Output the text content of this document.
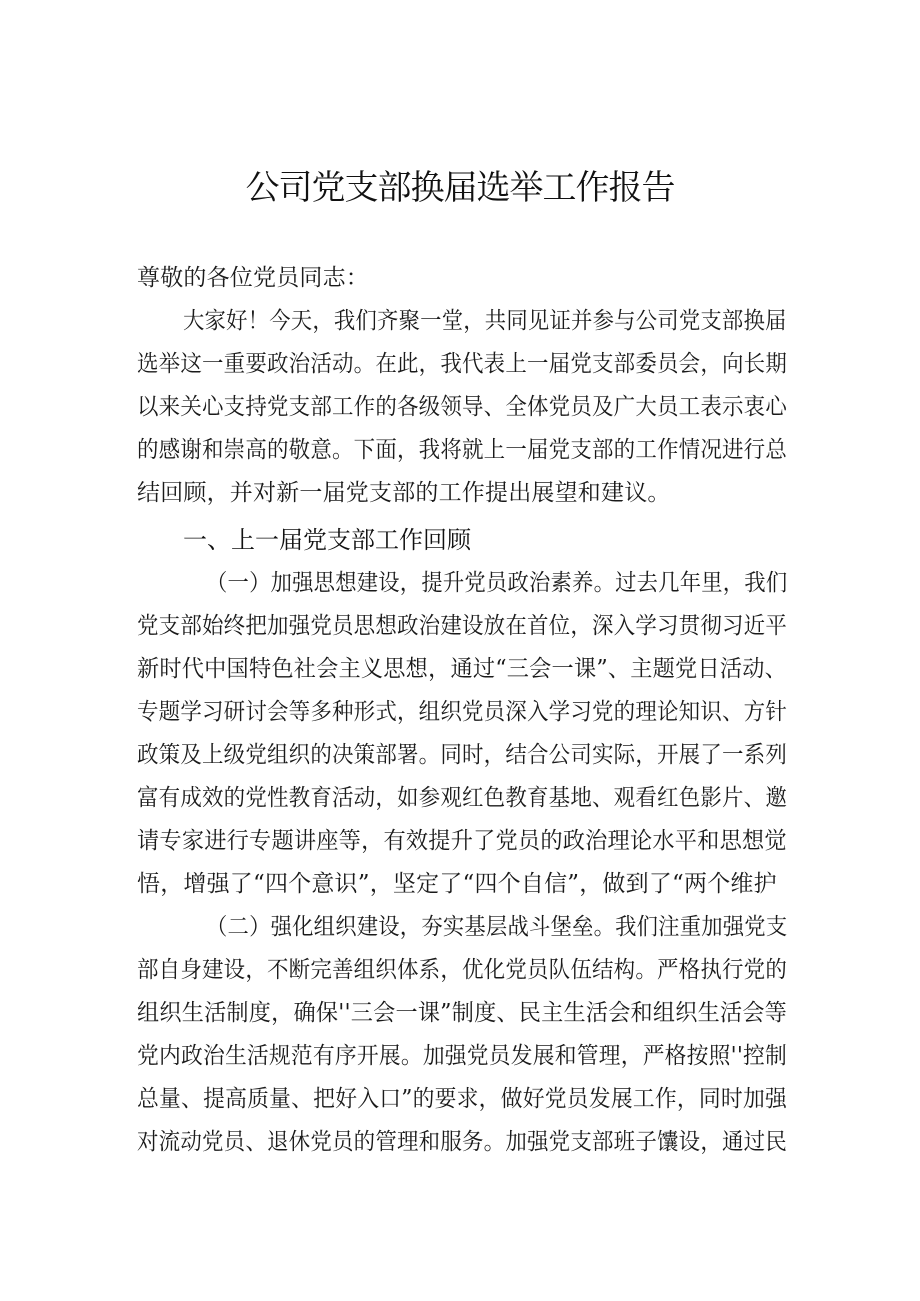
公司党支部换届选举工作报告
尊敬的各位党员同志：
大家好！今天，我们齐聚一堂，共同见证并参与公司党支部换届
选举这一重要政治活动。在此，我代表上一届党支部委员会，向长期
以来关心支持党支部工作的各级领导、全体党员及广大员工表示衷心
的感谢和崇高的敬意。下面，我将就上一届党支部的工作情况进行总
结回顾，并对新一届党支部的工作提出展望和建议。
一、上一届党支部工作回顾
（一）加强思想建设，提升党员政治素养。过去几年里，我们
党支部始终把加强党员思想政治建设放在首位，深入学习贯彻习近平
新时代中国特色社会主义思想，通过“三会一课”、主题党日活动、
专题学习研讨会等多种形式，组织党员深入学习党的理论知识、方针
政策及上级党组织的决策部署。同时，结合公司实际，开展了一系列
富有成效的党性教育活动，如参观红色教育基地、观看红色影片、邀
请专家进行专题讲座等，有效提升了党员的政治理论水平和思想觉
悟，增强了“四个意识”，坚定了“四个自信”，做到了“两个维护
（二）强化组织建设，夯实基层战斗堡垒。我们注重加强党支
部自身建设，不断完善组织体系，优化党员队伍结构。严格执行党的
组织生活制度，确保''三会一课”制度、民主生活会和组织生活会等
党内政治生活规范有序开展。加强党员发展和管理，严格按照''控制
总量、提高质量、把好入口”的要求，做好党员发展工作，同时加强
对流动党员、退休党员的管理和服务。加强党支部班子馕设，通过民
